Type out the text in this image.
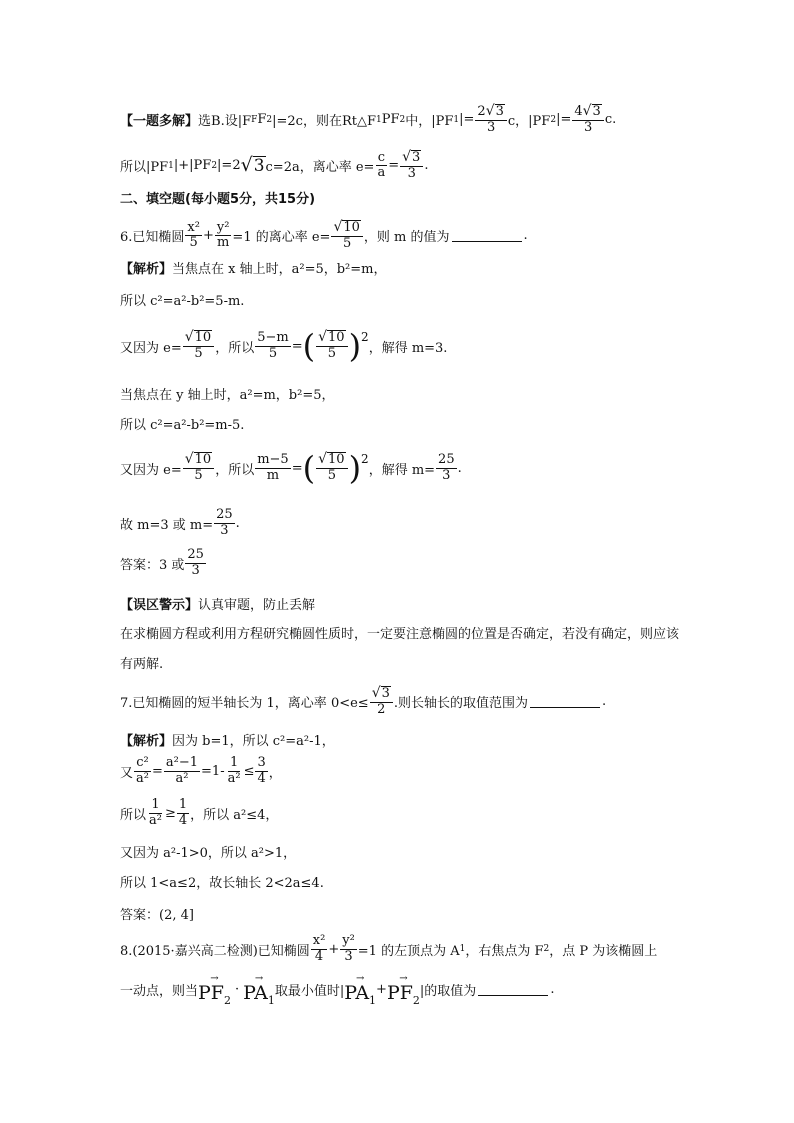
【一题多解】 选B.设|F F F 2 |=2c，则在Rt△F 1 PF 2 中，|PF 1 |= $\frac{2 √ 3}{3}$ c，|PF 2 |= $\frac{4 √ 3}{3} c$.
所以|PF 1 |+|PF 2 |=2 √ 3 c=2a，离心率 $e= \frac{c}{a} = \frac{√ 3}{3}$ .
二、填空题(每小题5分，共15分)
6.已知椭圆 $\frac{\text{x²}}{5} + \frac{\text{y²}}{m} =1$ 的离心率 $e= \frac{√ 10}{5}$ ，则 m 的值为	.
【解析】 当焦点在 x 轴上时，a²=5，b²=m，
所以 c²=a²-b²=5-m.
又因为 $e= \frac{√ 10}{5}$ ，所以 $\frac{5-m}{5}$ = ( $\frac{√ 10}{5}$ ) 2
，解得 m=3.
当焦点在 y 轴上时，a²=m，b²=5，
所以 c²=a²-b²=m-5.
又因为 $e= \frac{√ 10}{5}$ ，所以 $\frac{m-5}{m}$ = ( $\frac{√ 10}{5}$ ) 2
，解得 $m= \frac{25}{3}$ .
故 m=3 或 $m= \frac{25}{3}$ .
答案：3 或 $\frac{25}{3}$
【误区警示】 认真审题，防止丢解
在求椭圆方程或利用方程研究椭圆性质时，一定要注意椭圆的位置是否确定，若没有确定，则应该有两解.
7.已知椭圆的短半轴长为 1，离心率 $0<e\le \frac{√ 3}{2}$ .则长轴长的取值范围为	.
【解析】 因为 b=1，所以 c²=a²-1，
又 $\frac{\text{c²}}{\text{a²}} = \frac{\text{a²−1}}{\text{a²}} =1- \frac{1}{\text{a²}} \le \frac{3}{4}$ ，
所以 $\frac{1}{\text{a²}} \ge \frac{1}{4}$ ，所以 a²≤4，
又因为 a²-1>0，所以 a²>1，
所以 1<a≤2，故长轴长 2<2a≤4.
答案：(2, 4]
8.(2015·嘉兴高二检测)已知椭圆 $\frac{\text{x²}}{4} + \frac{\text{y²}}{3} =1$ 的左顶点为 A 1 ，右焦点为 F 2 ，点 P 为该椭圆上
一动点，则当
→
$PF_2$
·
→
$PA_1$
取最小值时|
→
$PA_1$
+
→
$PF_2$
|的取值为	.
